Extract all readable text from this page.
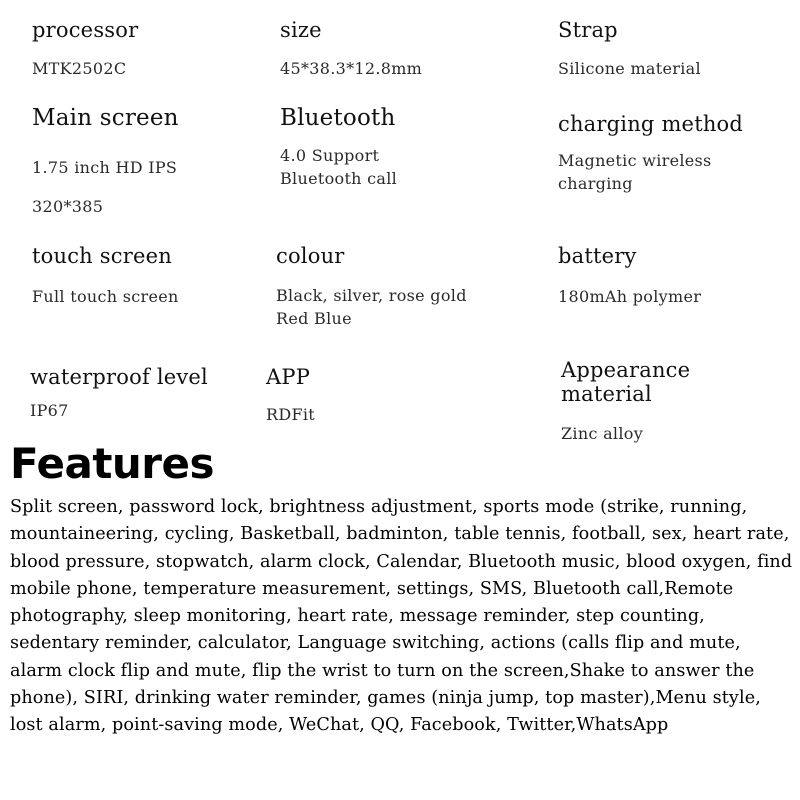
processor
MTK2502C
size
45*38.3*12.8mm
Strap
Silicone material
Main screen
1.75 inch HD IPS
320*385
Bluetooth
4.0 Support
Bluetooth call
charging method
Magnetic wireless
charging
touch screen
Full touch screen
colour
Black, silver, rose gold
Red Blue
battery
180mAh polymer
waterproof level
IP67
APP
RDFit
Appearance
material
Zinc alloy
Features
Split screen, password lock, brightness adjustment, sports mode (strike, running, mountaineering, cycling, Basketball, badminton, table tennis, football, sex, heart rate, blood pressure, stopwatch, alarm clock, Calendar, Bluetooth music, blood oxygen, find mobile phone, temperature measurement, settings, SMS, Bluetooth call,Remote photography, sleep monitoring, heart rate, message reminder, step counting, sedentary reminder, calculator, Language switching, actions (calls flip and mute, alarm clock flip and mute, flip the wrist to turn on the screen,Shake to answer the phone), SIRI, drinking water reminder, games (ninja jump, top master),Menu style, lost alarm, point-saving mode, WeChat, QQ, Facebook, Twitter,WhatsApp
